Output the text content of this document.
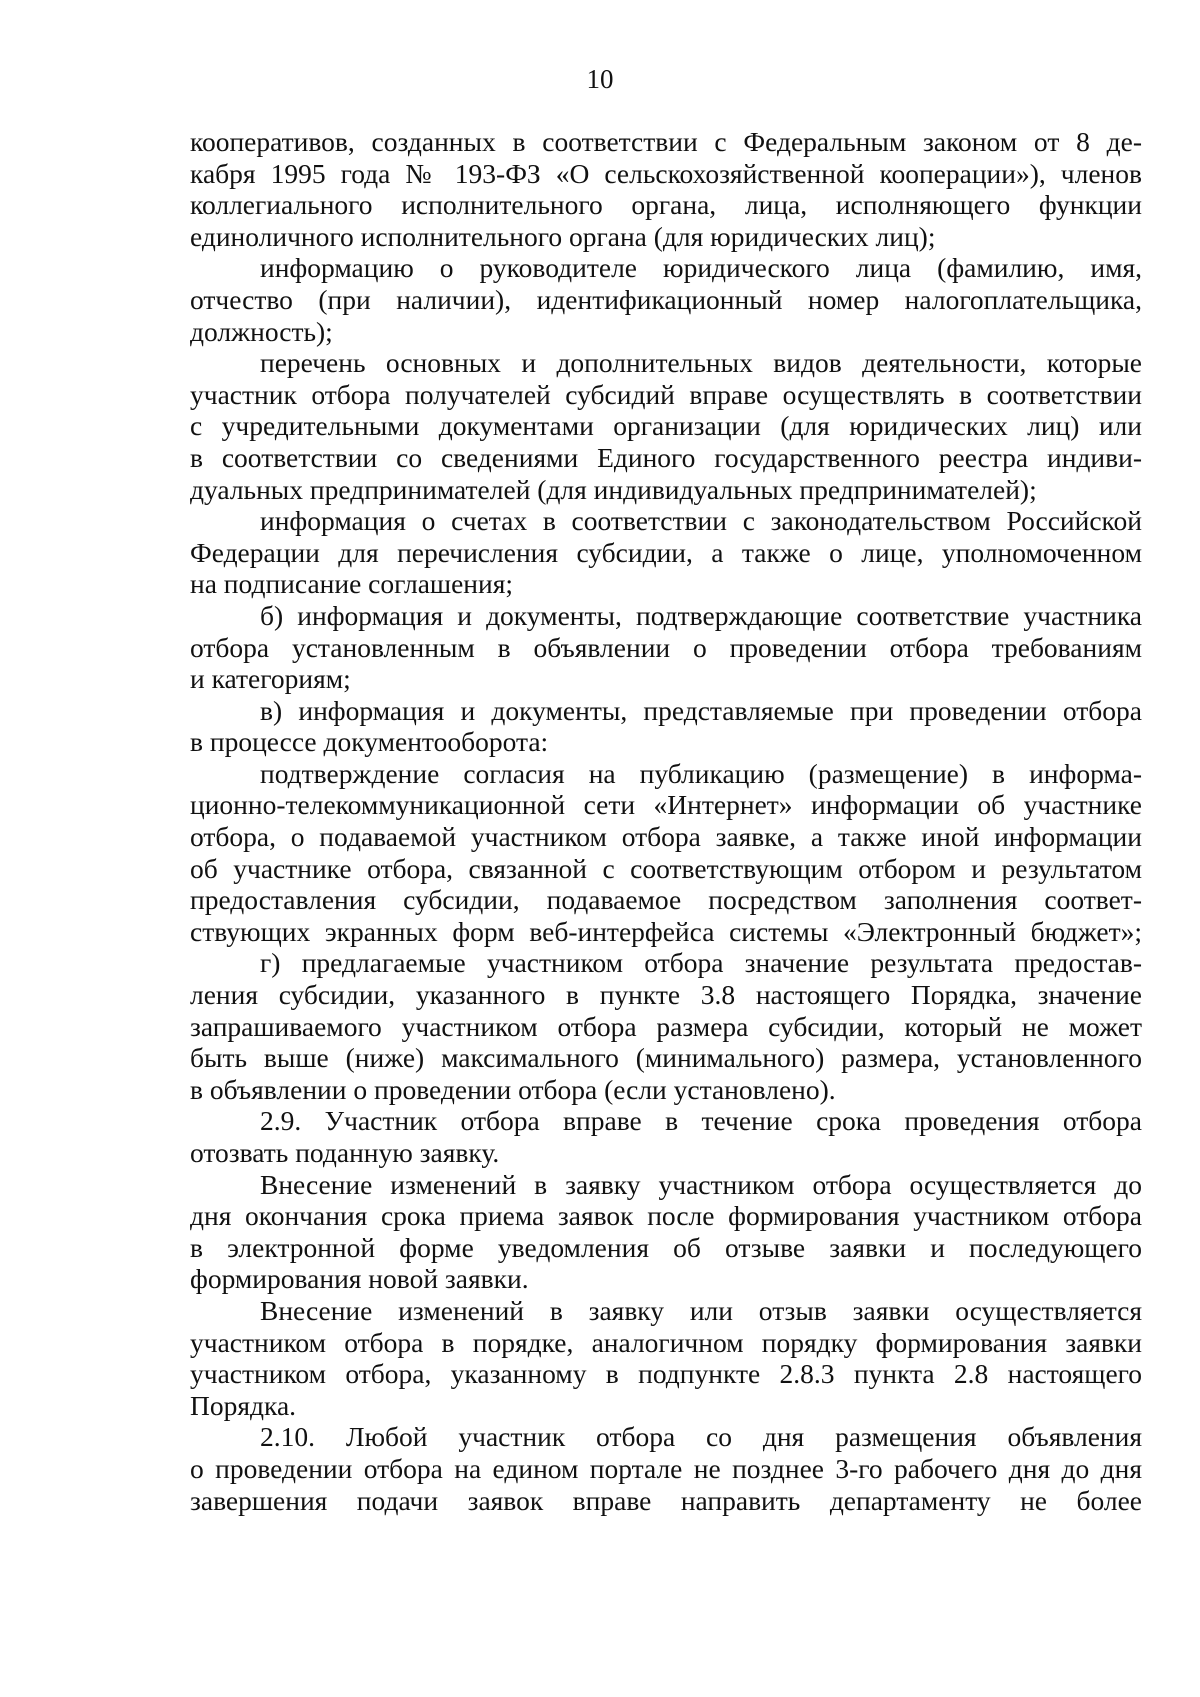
10

кооперативов, созданных в соответствии с Федеральным законом от 8 де-
кабря 1995 года № 193-ФЗ «О сельскохозяйственной кооперации»), членов
коллегиального исполнительного органа, лица, исполняющего функции
единоличного исполнительного органа (для юридических лиц);

информацию о руководителе юридического лица (фамилию, имя,
отчество (при наличии), идентификационный номер налогоплательщика,
должность);

перечень основных и дополнительных видов деятельности, которые
участник отбора получателей субсидий вправе осуществлять в соответствии
с учредительными документами организации (для юридических лиц) или
в соответствии со сведениями Единого государственного реестра индиви-
дуальных предпринимателей (для индивидуальных предпринимателей);

информация о счетах в соответствии с законодательством Российской
Федерации для перечисления субсидии, а также о лице, уполномоченном
на подписание соглашения;

б) информация и документы, подтверждающие соответствие участника
отбора установленным в объявлении о проведении отбора требованиям
и категориям;

в) информация и документы, представляемые при проведении отбора
в процессе документооборота:

подтверждение согласия на публикацию (размещение) в информа-
ционно-телекоммуникационной сети «Интернет» информации об участнике
отбора, о подаваемой участником отбора заявке, а также иной информации
об участнике отбора, связанной с соответствующим отбором и результатом
предоставления субсидии, подаваемое посредством заполнения соответ-
ствующих экранных форм веб-интерфейса системы «Электронный бюджет»;

г) предлагаемые участником отбора значение результата предостав-
ления субсидии, указанного в пункте 3.8 настоящего Порядка, значение
запрашиваемого участником отбора размера субсидии, который не может
быть выше (ниже) максимального (минимального) размера, установленного
в объявлении о проведении отбора (если установлено).

2.9. Участник отбора вправе в течение срока проведения отбора
отозвать поданную заявку.

Внесение изменений в заявку участником отбора осуществляется до
дня окончания срока приема заявок после формирования участником отбора
в электронной форме уведомления об отзыве заявки и последующего
формирования новой заявки.

Внесение изменений в заявку или отзыв заявки осуществляется
участником отбора в порядке, аналогичном порядку формирования заявки
участником отбора, указанному в подпункте 2.8.3 пункта 2.8 настоящего
Порядка.

2.10. Любой участник отбора со дня размещения объявления
о проведении отбора на едином портале не позднее 3-го рабочего дня до дня
завершения подачи заявок вправе направить департаменту не более
